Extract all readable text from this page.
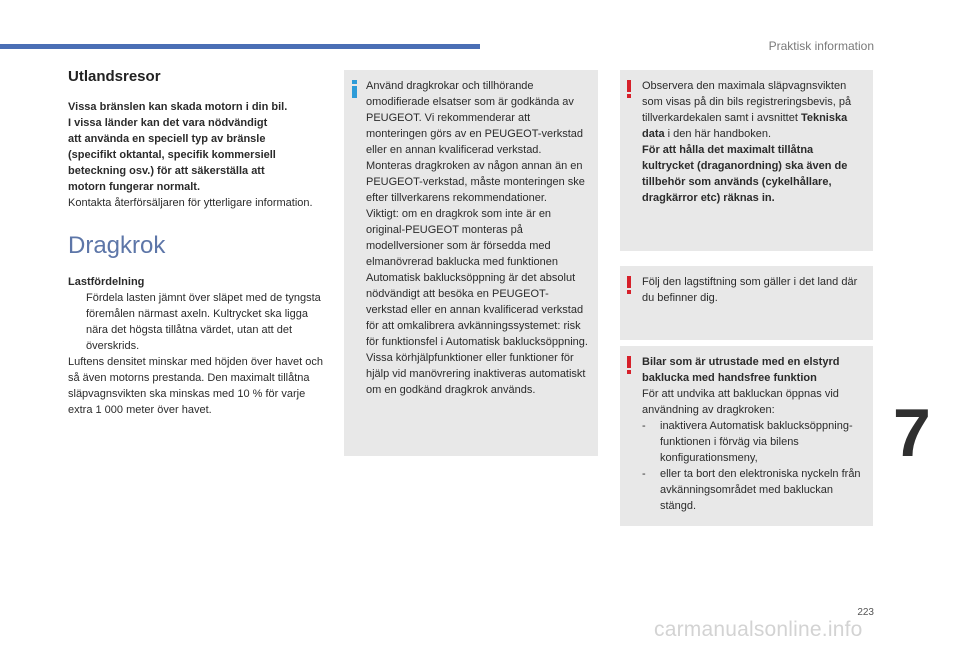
Praktisk information
Utlandsresor

Vissa bränslen kan skada motorn i din bil.
I vissa länder kan det vara nödvändigt
att använda en speciell typ av bränsle
(specifikt oktantal, specifik kommersiell
beteckning osv.) för att säkerställa att
motorn fungerar normalt.

Kontakta återförsäljaren för ytterligare information.

Dragkrok

Lastfördelning

Fördela lasten jämnt över släpet med de tyngsta föremålen närmast axeln. Kultrycket ska ligga nära det högsta tillåtna värdet, utan att det överskrids.

Luftens densitet minskar med höjden över havet och så även motorns prestanda. Den maximalt tillåtna släpvagnsvikten ska minskas med 10 % för varje extra 1 000 meter över havet.

Använd dragkrokar och tillhörande omodifierade elsatser som är godkända av PEUGEOT. Vi rekommenderar att monteringen görs av en PEUGEOT-verkstad eller en annan kvalificerad verkstad.

Monteras dragkroken av någon annan än en PEUGEOT-verkstad, måste monteringen ske efter tillverkarens rekommendationer.

Viktigt: om en dragkrok som inte är en original-PEUGEOT monteras på modellversioner som är försedda med elmanövrerad baklucka med funktionen Automatisk baklucksöppning är det absolut nödvändigt att besöka en PEUGEOT-verkstad eller en annan kvalificerad verkstad för att omkalibrera avkänningssystemet: risk för funktionsfel i Automatisk baklucksöppning.

Vissa körhjälpfunktioner eller funktioner för hjälp vid manövrering inaktiveras automatiskt om en godkänd dragkrok används.

Observera den maximala släpvagnsvikten som visas på din bils registreringsbevis, på tillverkardekalen samt i avsnittet Tekniska data i den här handboken.

För att hålla det maximalt tillåtna kultrycket (draganordning) ska även de tillbehör som används (cykelhållare, dragkärror etc) räknas in.

Följ den lagstiftning som gäller i det land där du befinner dig.

Bilar som är utrustade med en elstyrd baklucka med handsfree funktion

För att undvika att bakluckan öppnas vid användning av dragkroken:

- inaktivera Automatisk baklucksöppning-funktionen i förväg via bilens konfigurationsmeny,
- eller ta bort den elektroniska nyckeln från avkänningsområdet med bakluckan stängd.
7
223
carmanualsonline.info
